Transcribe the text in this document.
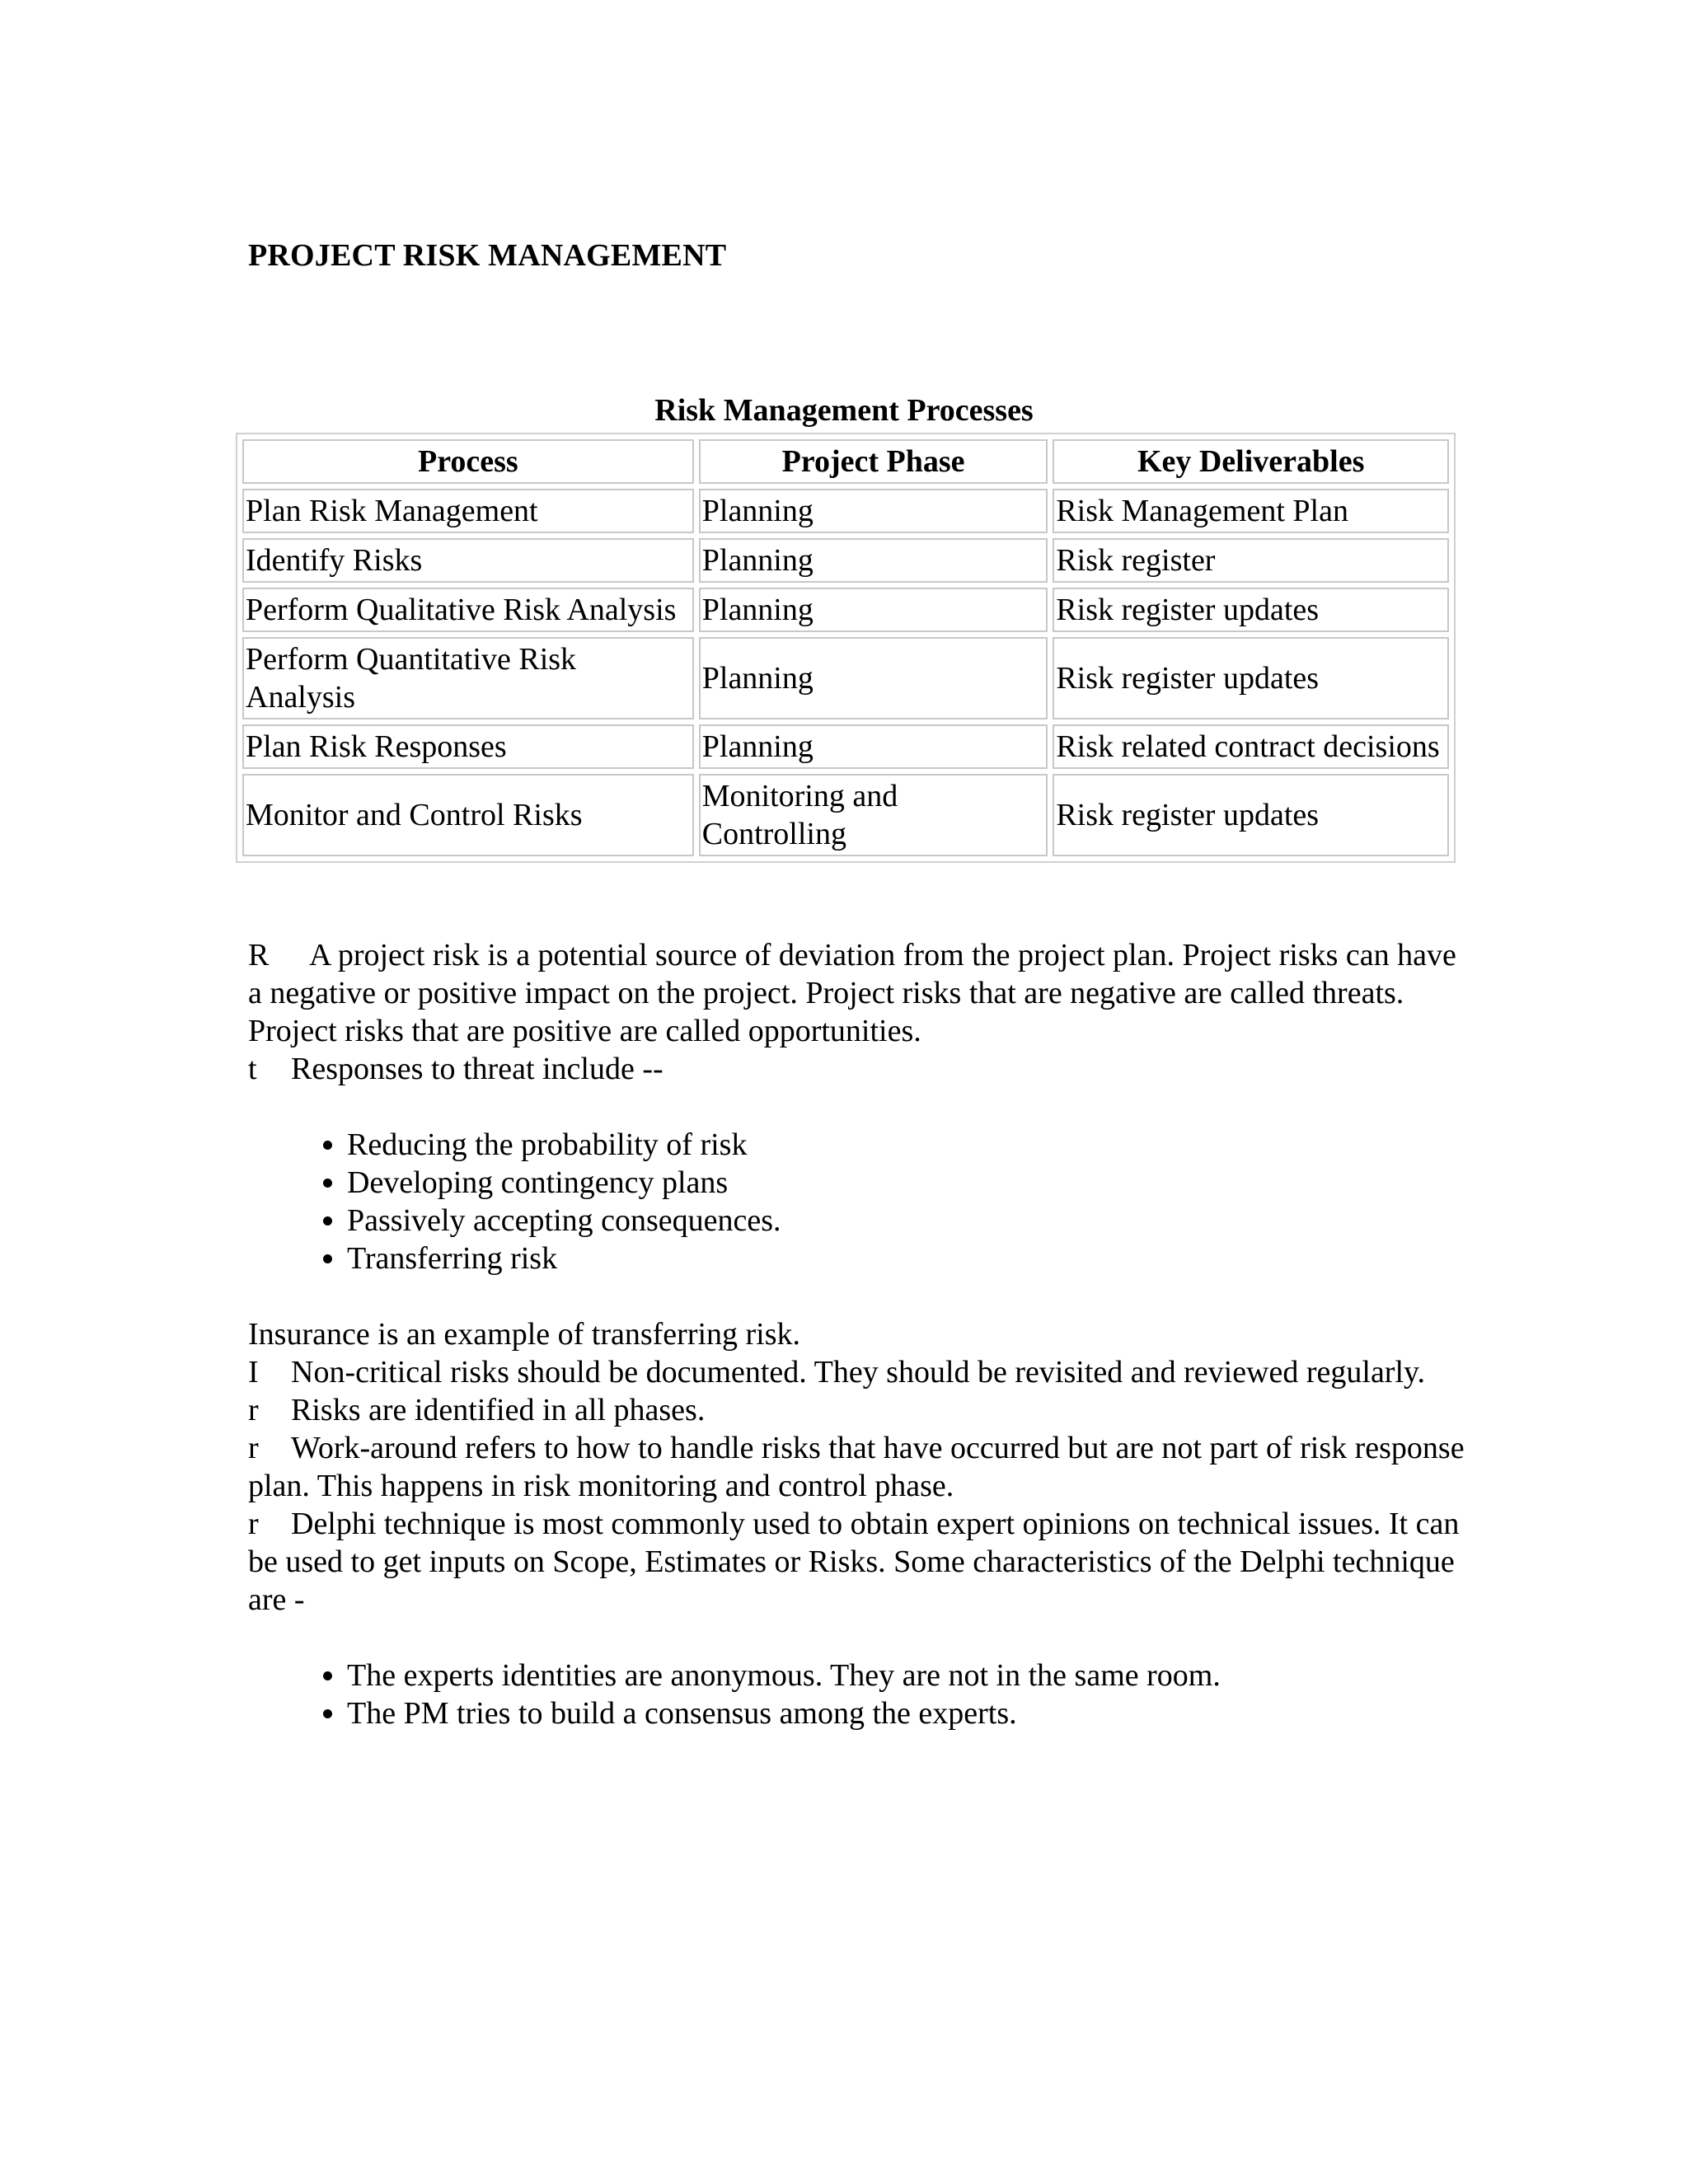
PROJECT RISK MANAGEMENT
Risk Management Processes
Process	Project Phase	Key Deliverables
Plan Risk Management	Planning	Risk Management Plan
Identify Risks	Planning	Risk register
Perform Qualitative Risk Analysis	Planning	Risk register updates
Perform Quantitative Risk Analysis	Planning	Risk register updates
Plan Risk Responses	Planning	Risk related contract decisions
Monitor and Control Risks	Monitoring and Controlling	Risk register updates

R A project risk is a potential source of deviation from the project plan. Project risks can have a negative or positive impact on the project. Project risks that are negative are called threats. Project risks that are positive are called opportunities.

t Responses to threat include --

• Reducing the probability of risk
• Developing contingency plans
• Passively accepting consequences.
• Transferring risk

Insurance is an example of transferring risk.

I Non-critical risks should be documented. They should be revisited and reviewed regularly.

r Risks are identified in all phases.

r Work-around refers to how to handle risks that have occurred but are not part of risk response plan. This happens in risk monitoring and control phase.

r Delphi technique is most commonly used to obtain expert opinions on technical issues. It can be used to get inputs on Scope, Estimates or Risks. Some characteristics of the Delphi technique are -

• The experts identities are anonymous. They are not in the same room.
• The PM tries to build a consensus among the experts.
